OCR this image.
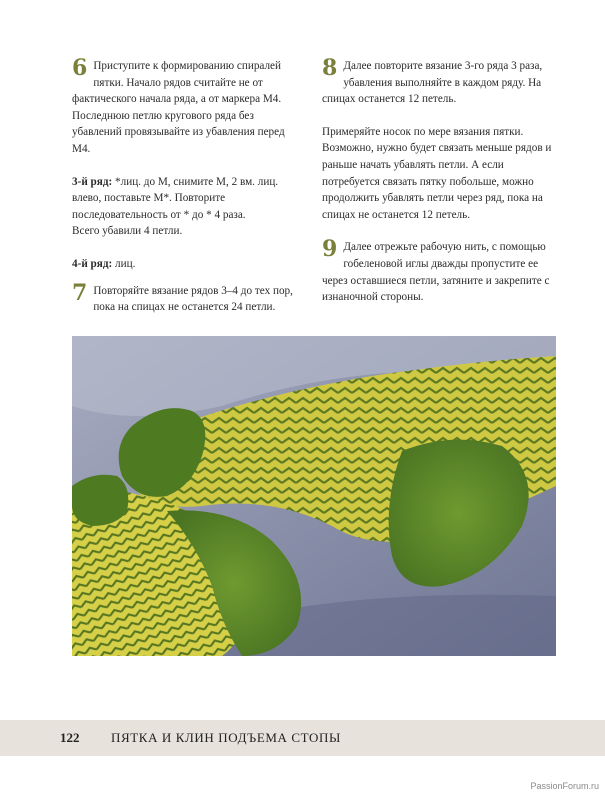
6 Приступите к формированию спиралей пятки. Начало рядов считайте не от фактического начала ряда, а от маркера М4. Последнюю петлю кругового ряда без убавлений провязывайте из убавления перед М4.

3-й ряд: *лиц. до М, снимите М, 2 вм. лиц. влево, поставьте М*. Повторите последовательность от * до * 4 раза.

Всего убавили 4 петли.

4-й ряд: лиц.

7 Повторяйте вязание рядов 3–4 до тех пор, пока на спицах не останется 24 петли.

8 Далее повторите вязание 3-го ряда 3 раза, убавления выполняйте в каждом ряду. На спицах останется 12 петель.

Примеряйте носок по мере вязания пятки. Возможно, нужно будет связать меньше рядов и раньше начать убавлять петли. А если потребуется связать пятку побольше, можно продолжить убавлять петли через ряд, пока на спицах не останется 12 петель.

9 Далее отрежьте рабочую нить, с помощью гобеленовой иглы дважды пропустите ее через оставшиеся петли, затяните и закрепите с изнаночной стороны.

122 ПЯТКА И КЛИН ПОДЪЕМА СТОПЫ
PassionForum.ru
